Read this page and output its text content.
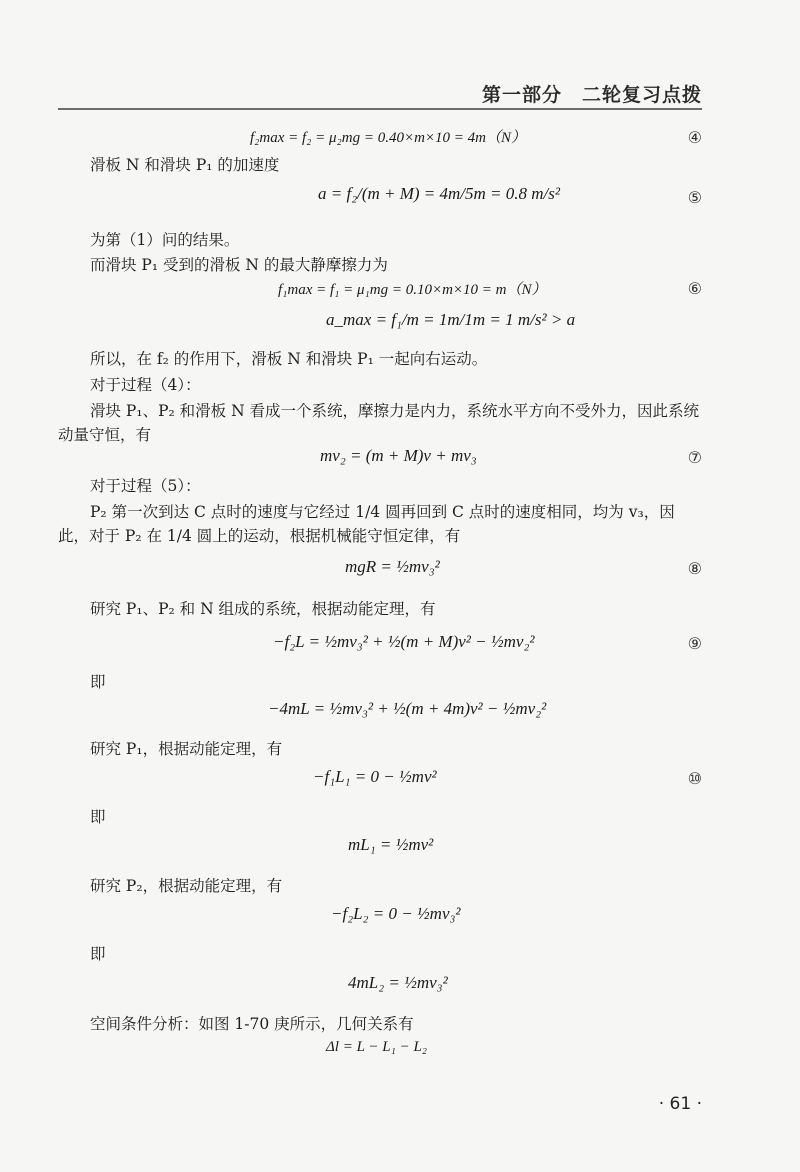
第一部分　二轮复习点拨
f₂max = f₂ = μ₂mg = 0.40×m×10 = 4m（N）	④
滑板 N 和滑块 P₁ 的加速度
a = f₂/(m + M) = 4m/5m = 0.8 m/s²	⑤
为第（1）问的结果。
而滑块 P₁ 受到的滑板 N 的最大静摩擦力为
f₁max = f₁ = μ₁mg = 0.10×m×10 = m（N）	⑥
a_max = f₁/m = 1m/1m = 1 m/s² > a
所以，在 f₂ 的作用下，滑板 N 和滑块 P₁ 一起向右运动。
对于过程（4）：
滑块 P₁、P₂ 和滑板 N 看成一个系统，摩擦力是内力，系统水平方向不受外力，因此系统动量守恒，有
mv₂ = (m + M)v + mv₃	⑦
对于过程（5）：
P₂ 第一次到达 C 点时的速度与它经过 1/4 圆再回到 C 点时的速度相同，均为 v₃，因此，对于 P₂ 在 1/4 圆上的运动，根据机械能守恒定律，有
mgR = ½mv₃²	⑧
研究 P₁、P₂ 和 N 组成的系统，根据动能定理，有
−f₂L = ½mv₃² + ½(m + M)v² − ½mv₂²	⑨
即
−4mL = ½mv₃² + ½(m + 4m)v² − ½mv₂²
研究 P₁，根据动能定理，有
−f₁L₁ = 0 − ½mv²	⑩
即
mL₁ = ½mv²
研究 P₂，根据动能定理，有
−f₂L₂ = 0 − ½mv₃²
即
4mL₂ = ½mv₃²
空间条件分析：如图 1-70 庚所示，几何关系有
Δl = L − L₁ − L₂
· 61 ·
